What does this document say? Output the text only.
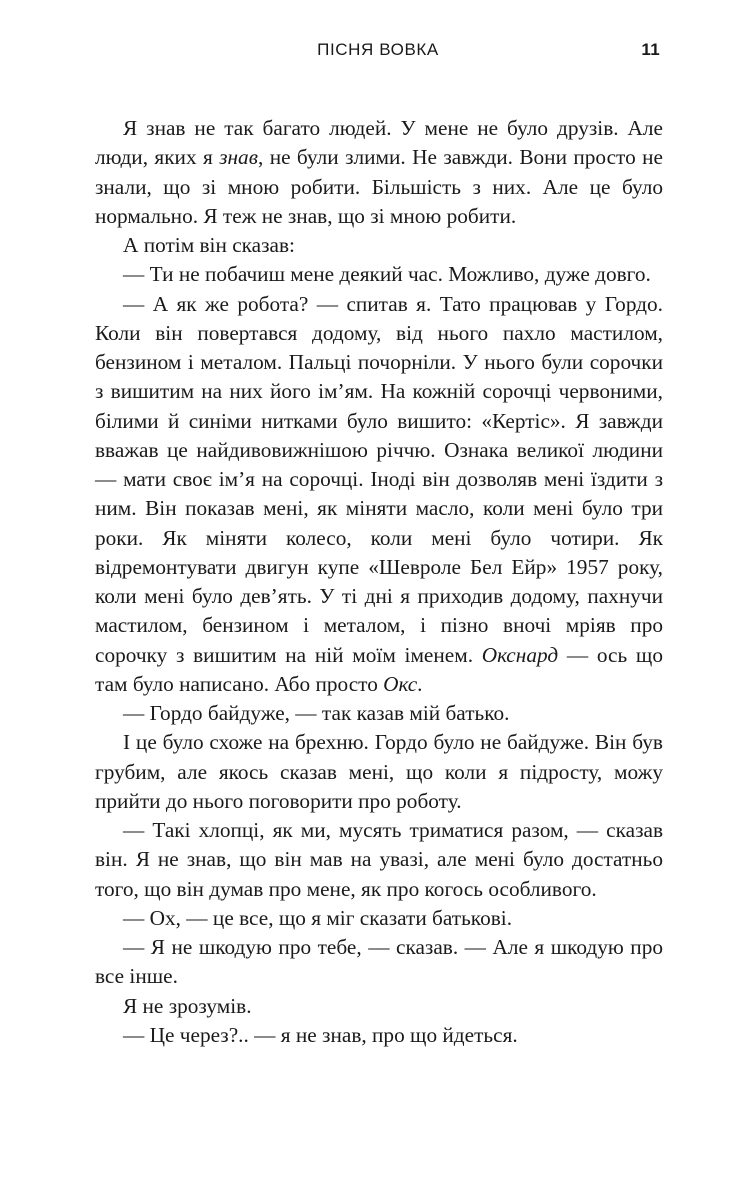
ПІСНЯ ВОВКА	11

Я знав не так багато людей. У мене не було друзів. Але люди, яких я знав, не були злими. Не завжди. Вони просто не знали, що зі мною робити. Більшість з них. Але це було нормально. Я теж не знав, що зі мною робити.

А потім він сказав:

— Ти не побачиш мене деякий час. Можливо, дуже довго.

— А як же робота? — спитав я. Тато працював у Гордо. Коли він повертався додому, від нього пахло мастилом, бензином і металом. Пальці почорніли. У нього були сорочки з вишитим на них його ім’ям. На кожній сорочці червоними, білими й синіми нитками було вишито: «Кертіс». Я завжди вважав це найдивовижнішою річчю. Ознака великої людини — мати своє ім’я на сорочці. Іноді він дозволяв мені їздити з ним. Він показав мені, як міняти масло, коли мені було три роки. Як міняти колесо, коли мені було чотири. Як відремонтувати двигун купе «Шевроле Бел Ейр» 1957 року, коли мені було дев’ять. У ті дні я приходив додому, пахнучи мастилом, бензином і металом, і пізно вночі мріяв про сорочку з вишитим на ній моїм іменем. Окснард — ось що там було написано. Або просто Окс.

— Гордо байдуже, — так казав мій батько.

І це було схоже на брехню. Гордо було не байдуже. Він був грубим, але якось сказав мені, що коли я підросту, можу прийти до нього поговорити про роботу.

— Такі хлопці, як ми, мусять триматися разом, — сказав він. Я не знав, що він мав на увазі, але мені було достатньо того, що він думав про мене, як про когось особливого.

— Ох, — це все, що я міг сказати батькові.

— Я не шкодую про тебе, — сказав. — Але я шкодую про все інше.

Я не зрозумів.

— Це через?.. — я не знав, про що йдеться.
